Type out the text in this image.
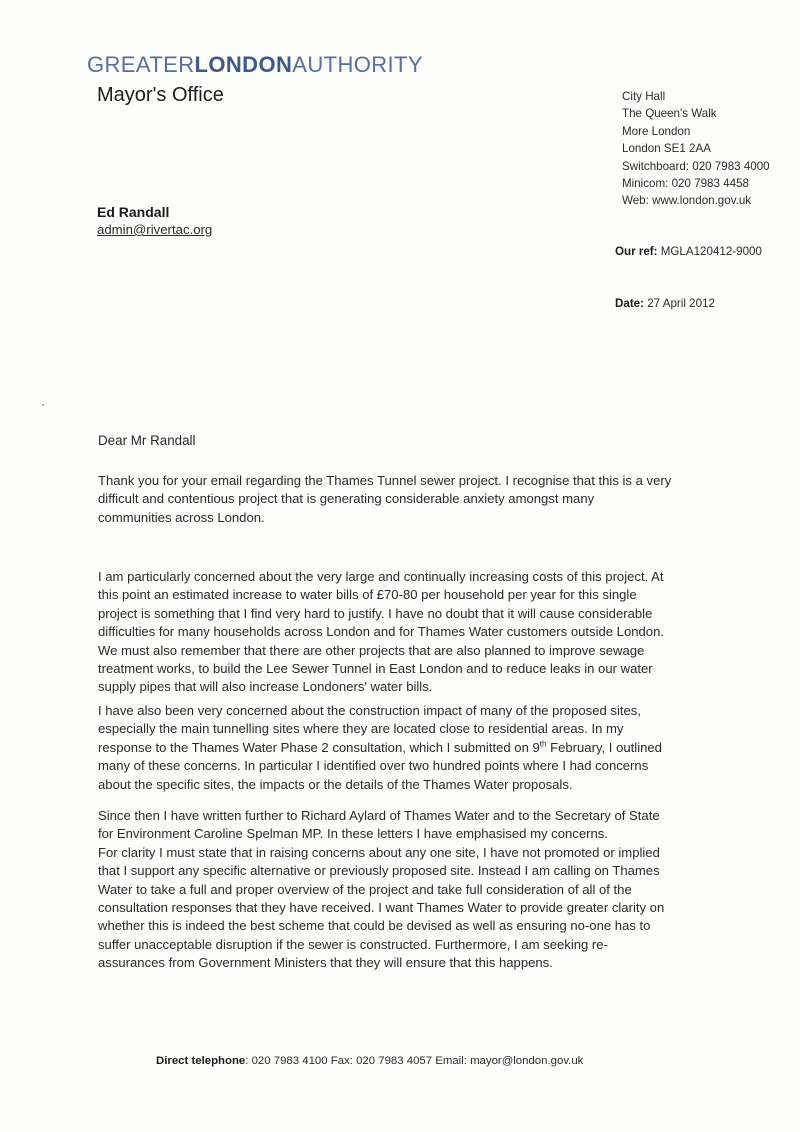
GREATERLONDONAUTHORITY
Mayor's Office	City Hall
The Queen's Walk
More London
London SE1 2AA
Switchboard: 020 7983 4000
Minicom: 020 7983 4458
Web: www.london.gov.uk
Ed Randall
admin@rivertac.org
Our ref: MGLA120412-9000
Date: 27 April 2012
Dear Mr Randall
Thank you for your email regarding the Thames Tunnel sewer project. I recognise that this is a very
difficult and contentious project that is generating considerable anxiety amongst many
communities across London.
I am particularly concerned about the very large and continually increasing costs of this project. At
this point an estimated increase to water bills of £70-80 per household per year for this single
project is something that I find very hard to justify. I have no doubt that it will cause considerable
difficulties for many households across London and for Thames Water customers outside London.
We must also remember that there are other projects that are also planned to improve sewage
treatment works, to build the Lee Sewer Tunnel in East London and to reduce leaks in our water
supply pipes that will also increase Londoners' water bills.
I have also been very concerned about the construction impact of many of the proposed sites,
especially the main tunnelling sites where they are located close to residential areas. In my
response to the Thames Water Phase 2 consultation, which I submitted on 9th February, I outlined
many of these concerns. In particular I identified over two hundred points where I had concerns
about the specific sites, the impacts or the details of the Thames Water proposals.
Since then I have written further to Richard Aylard of Thames Water and to the Secretary of State
for Environment Caroline Spelman MP. In these letters I have emphasised my concerns.
For clarity I must state that in raising concerns about any one site, I have not promoted or implied
that I support any specific alternative or previously proposed site. Instead I am calling on Thames
Water to take a full and proper overview of the project and take full consideration of all of the
consultation responses that they have received. I want Thames Water to provide greater clarity on
whether this is indeed the best scheme that could be devised as well as ensuring no-one has to
suffer unacceptable disruption if the sewer is constructed. Furthermore, I am seeking re-
assurances from Government Ministers that they will ensure that this happens.
Direct telephone: 020 7983 4100 Fax: 020 7983 4057 Email: mayor@london.gov.uk
